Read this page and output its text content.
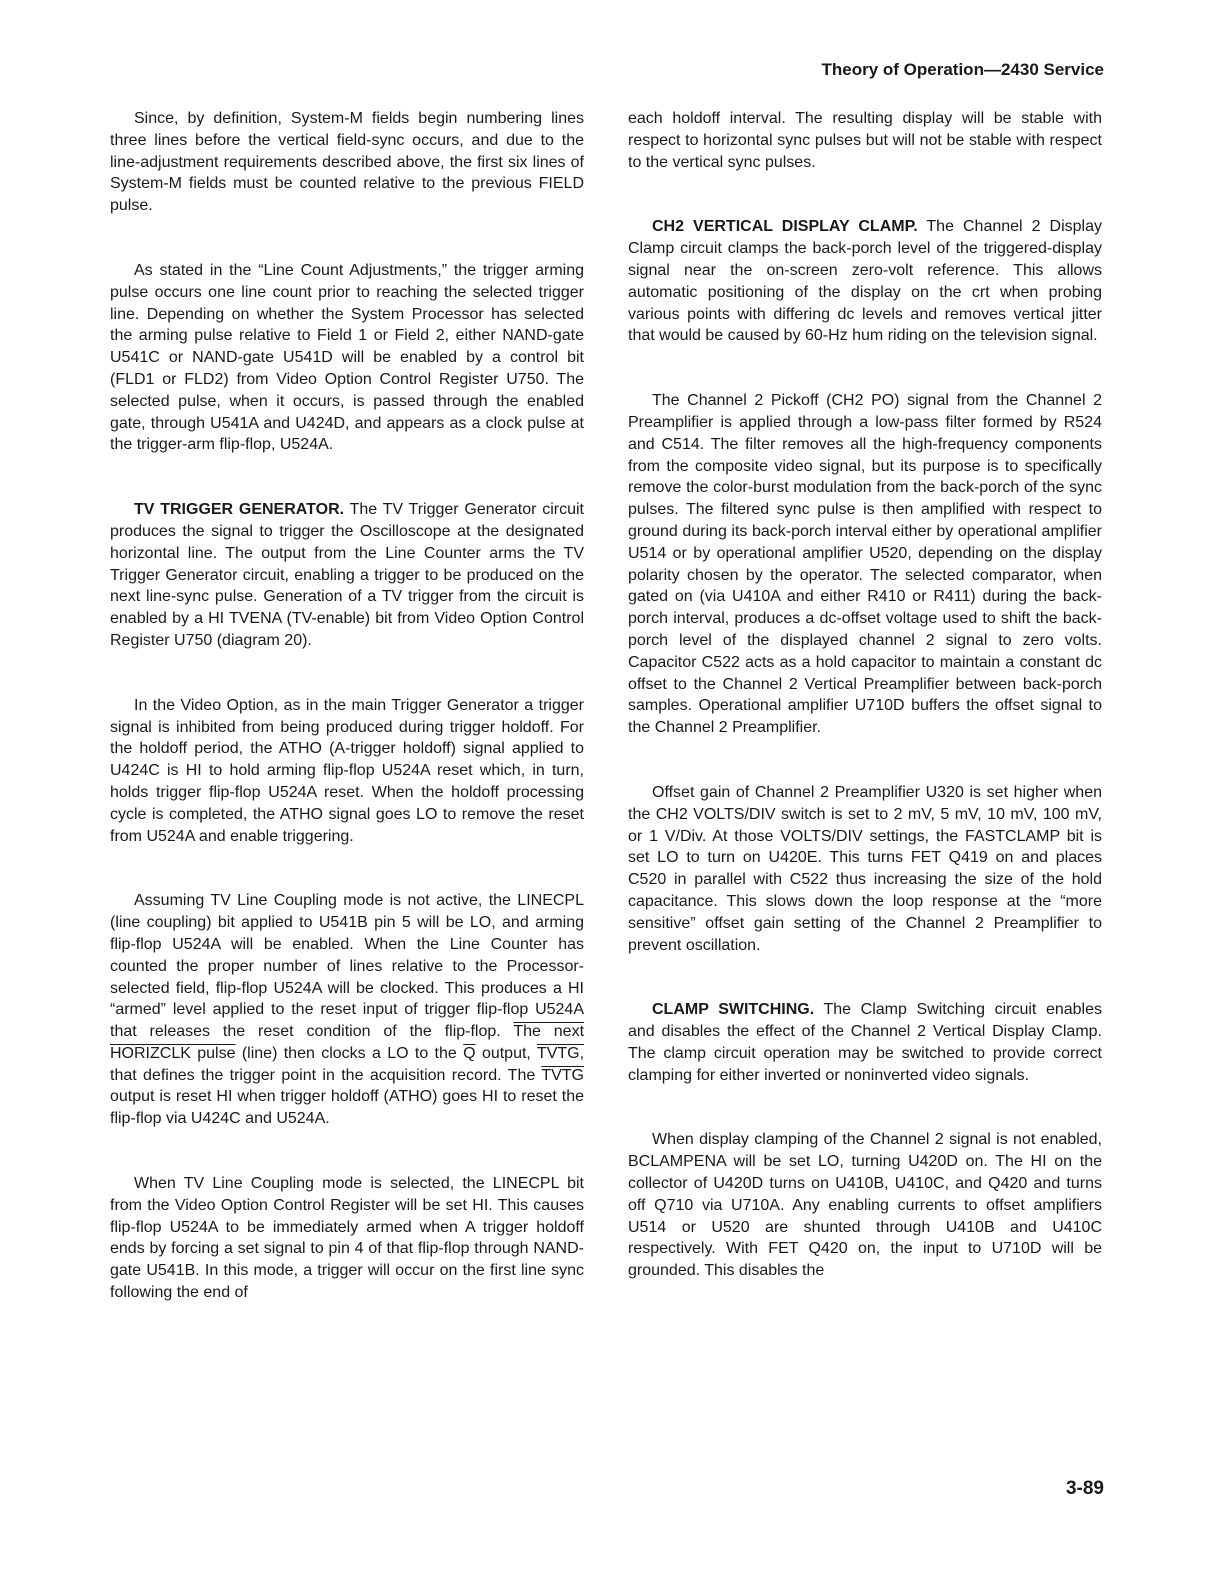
Theory of Operation—2430 Service

Since, by definition, System-M fields begin numbering lines three lines before the vertical field-sync occurs, and due to the line-adjustment requirements described above, the first six lines of System-M fields must be counted relative to the previous FIELD pulse.

As stated in the “Line Count Adjustments,” the trigger arming pulse occurs one line count prior to reaching the selected trigger line. Depending on whether the System Processor has selected the arming pulse relative to Field 1 or Field 2, either NAND-gate U541C or NAND-gate U541D will be enabled by a control bit (FLD1 or FLD2) from Video Option Control Register U750. The selected pulse, when it occurs, is passed through the enabled gate, through U541A and U424D, and appears as a clock pulse at the trigger-arm flip-flop, U524A.

TV TRIGGER GENERATOR. The TV Trigger Generator circuit produces the signal to trigger the Oscilloscope at the designated horizontal line. The output from the Line Counter arms the TV Trigger Generator circuit, enabling a trigger to be produced on the next line-sync pulse. Generation of a TV trigger from the circuit is enabled by a HI TVENA (TV-enable) bit from Video Option Control Register U750 (diagram 20).

In the Video Option, as in the main Trigger Generator a trigger signal is inhibited from being produced during trigger holdoff. For the holdoff period, the ATHO (A-trigger holdoff) signal applied to U424C is HI to hold arming flip-flop U524A reset which, in turn, holds trigger flip-flop U524A reset. When the holdoff processing cycle is completed, the ATHO signal goes LO to remove the reset from U524A and enable triggering.

Assuming TV Line Coupling mode is not active, the LINECPL (line coupling) bit applied to U541B pin 5 will be LO, and arming flip-flop U524A will be enabled. When the Line Counter has counted the proper number of lines relative to the Processor-selected field, flip-flop U524A will be clocked. This produces a HI “armed” level applied to the reset input of trigger flip-flop U524A that releases the reset condition of the flip-flop. The next HORIZCLK pulse (line) then clocks a LO to the $\overline{Q}$ output, TVTG, that defines the trigger point in the acquisition record. The TVTG output is reset HI when trigger holdoff (ATHO) goes HI to reset the flip-flop via U424C and U524A.

When TV Line Coupling mode is selected, the LINECPL bit from the Video Option Control Register will be set HI. This causes flip-flop U524A to be immediately armed when A trigger holdoff ends by forcing a set signal to pin 4 of that flip-flop through NAND-gate U541B. In this mode, a trigger will occur on the first line sync following the end of

each holdoff interval. The resulting display will be stable with respect to horizontal sync pulses but will not be stable with respect to the vertical sync pulses.

CH2 VERTICAL DISPLAY CLAMP. The Channel 2 Display Clamp circuit clamps the back-porch level of the triggered-display signal near the on-screen zero-volt reference. This allows automatic positioning of the display on the crt when probing various points with differing dc levels and removes vertical jitter that would be caused by 60-Hz hum riding on the television signal.

The Channel 2 Pickoff (CH2 PO) signal from the Channel 2 Preamplifier is applied through a low-pass filter formed by R524 and C514. The filter removes all the high-frequency components from the composite video signal, but its purpose is to specifically remove the color-burst modulation from the back-porch of the sync pulses. The filtered sync pulse is then amplified with respect to ground during its back-porch interval either by operational amplifier U514 or by operational amplifier U520, depending on the display polarity chosen by the operator. The selected comparator, when gated on (via U410A and either R410 or R411) during the back-porch interval, produces a dc-offset voltage used to shift the back-porch level of the displayed channel 2 signal to zero volts. Capacitor C522 acts as a hold capacitor to maintain a constant dc offset to the Channel 2 Vertical Preamplifier between back-porch samples. Operational amplifier U710D buffers the offset signal to the Channel 2 Preamplifier.

Offset gain of Channel 2 Preamplifier U320 is set higher when the CH2 VOLTS/DIV switch is set to 2 mV, 5 mV, 10 mV, 100 mV, or 1 V/Div. At those VOLTS/DIV settings, the FASTCLAMP bit is set LO to turn on U420E. This turns FET Q419 on and places C520 in parallel with C522 thus increasing the size of the hold capacitance. This slows down the loop response at the “more sensitive” offset gain setting of the Channel 2 Preamplifier to prevent oscillation.

CLAMP SWITCHING. The Clamp Switching circuit enables and disables the effect of the Channel 2 Vertical Display Clamp. The clamp circuit operation may be switched to provide correct clamping for either inverted or noninverted video signals.

When display clamping of the Channel 2 signal is not enabled, BCLAMPENA will be set LO, turning U420D on. The HI on the collector of U420D turns on U410B, U410C, and Q420 and turns off Q710 via U710A. Any enabling currents to offset amplifiers U514 or U520 are shunted through U410B and U410C respectively. With FET Q420 on, the input to U710D will be grounded. This disables the

3-89
